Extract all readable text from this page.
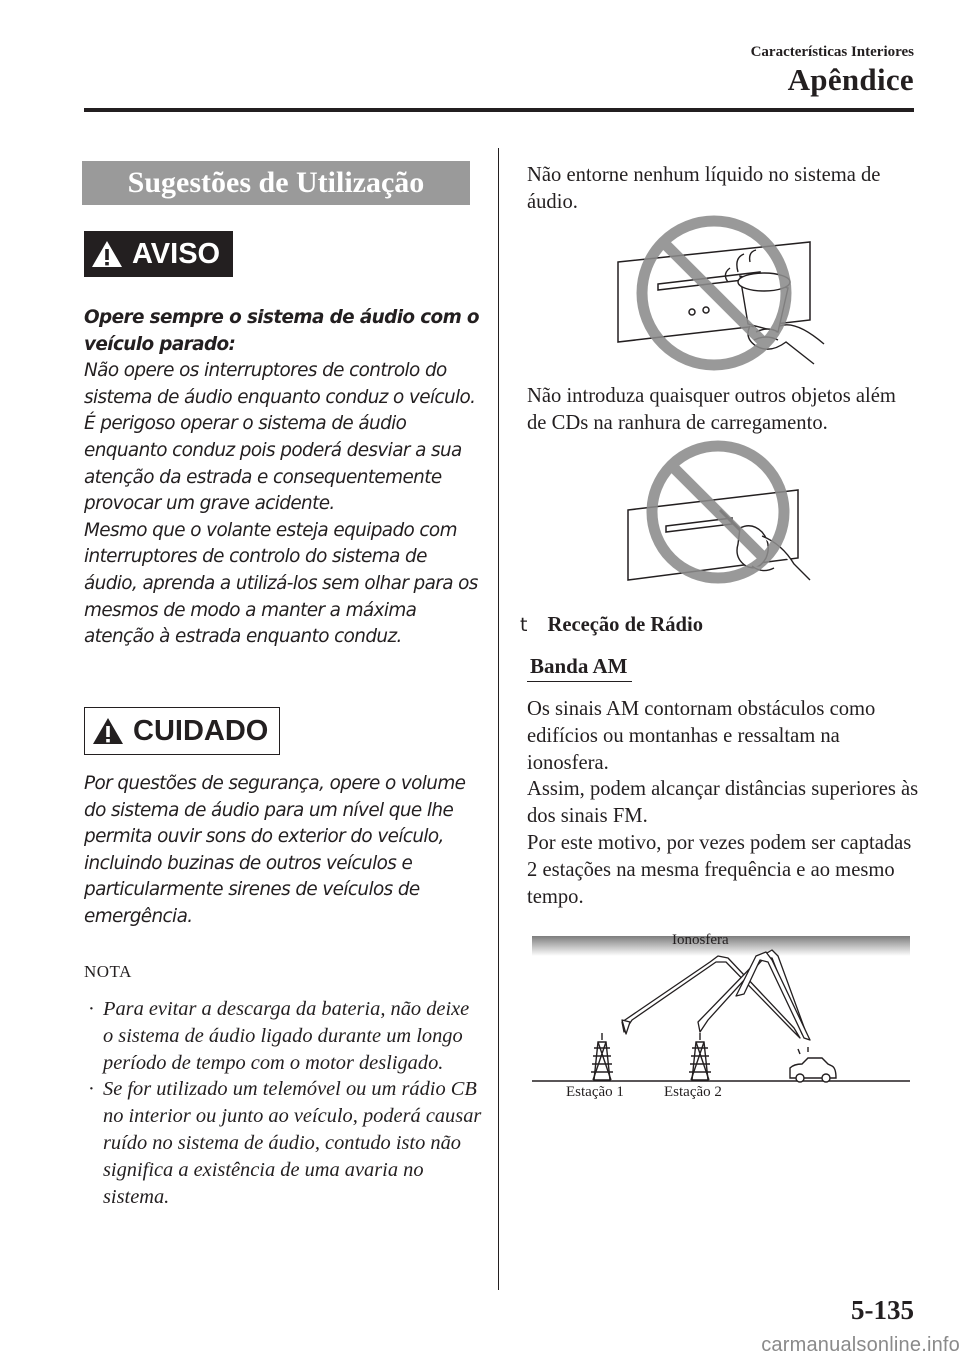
Características Interiores
Apêndice
Sugestões de Utilização
AVISO

Opere sempre o sistema de áudio com o veículo parado:

Não opere os interruptores de controlo do sistema de áudio enquanto conduz o veículo. É perigoso operar o sistema de áudio enquanto conduz pois poderá desviar a sua atenção da estrada e consequentemente provocar um grave acidente.

Mesmo que o volante esteja equipado com interruptores de controlo do sistema de áudio, aprenda a utilizá-los sem olhar para os mesmos de modo a manter a máxima atenção à estrada enquanto conduz.

CUIDADO

Por questões de segurança, opere o volume do sistema de áudio para um nível que lhe permita ouvir sons do exterior do veículo, incluindo buzinas de outros veículos e particularmente sirenes de veículos de emergência.

NOTA
· Para evitar a descarga da bateria, não deixe o sistema de áudio ligado durante um longo período de tempo com o motor desligado.
· Se for utilizado um telemóvel ou um rádio CB no interior ou junto ao veículo, poderá causar ruído no sistema de áudio, contudo isto não significa a existência de uma avaria no sistema.

Não entorne nenhum líquido no sistema de áudio.

Não introduza quaisquer outros objetos além de CDs na ranhura de carregamento.

t Receção de Rádio
Banda AM

Os sinais AM contornam obstáculos como edifícios ou montanhas e ressaltam na ionosfera.

Assim, podem alcançar distâncias superiores às dos sinais FM.

Por este motivo, por vezes podem ser captadas 2 estações na mesma frequência e ao mesmo tempo.

Ionosfera
Estação 1	Estação 2
5-135
carmanualsonline.info
